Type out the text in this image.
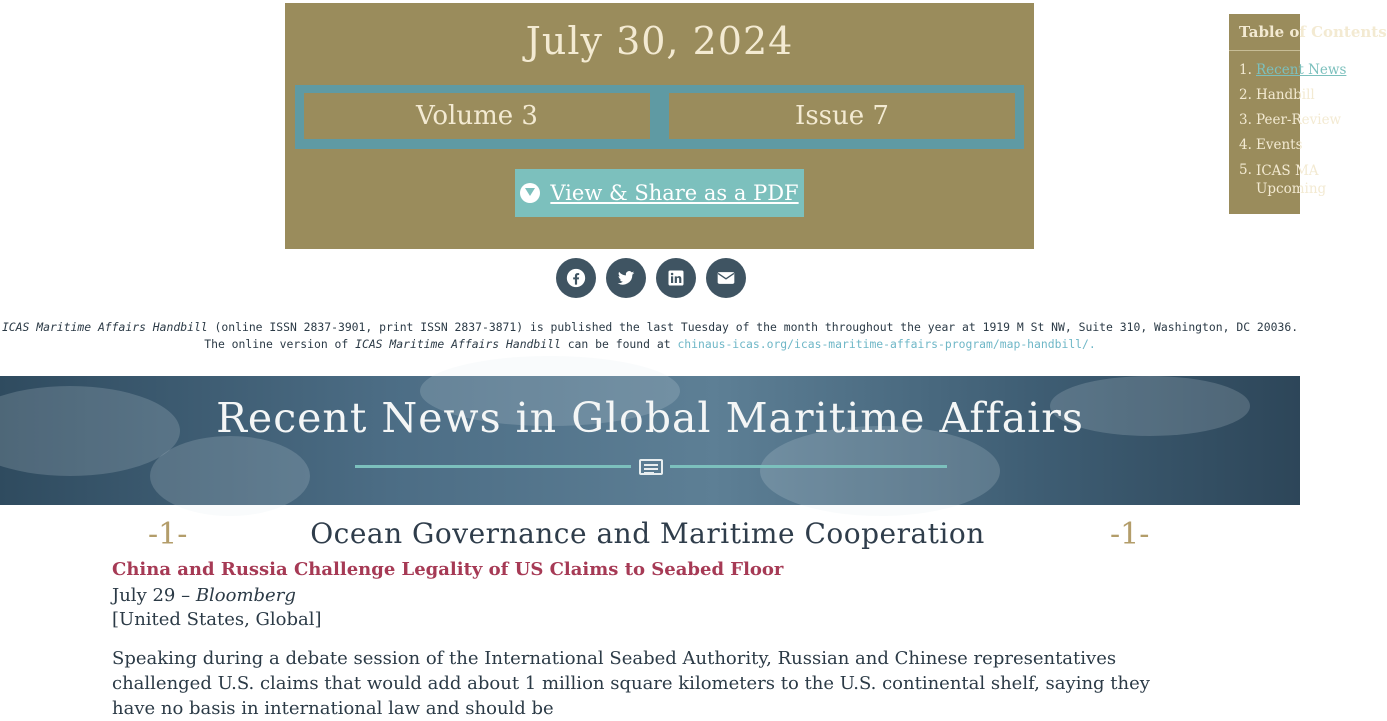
July 30, 2024
Volume 3	Issue 7
View & Share as a PDF
ICAS Maritime Affairs Handbill (online ISSN 2837-3901, print ISSN 2837-3871) is published the last Tuesday of the month throughout the year at 1919 M St NW, Suite 310, Washington, DC 20036.
The online version of ICAS Maritime Affairs Handbill can be found at chinaus-icas.org/icas-maritime-affairs-program/map-handbill/.
Recent News in Global Maritime Affairs
-1-	Ocean Governance and Maritime Cooperation	-1-
China and Russia Challenge Legality of US Claims to Seabed Floor
July 29 – Bloomberg
[United States, Global]
Speaking during a debate session of the International Seabed Authority, Russian and Chinese representatives challenged U.S. claims that would add about 1 million square kilometers to the U.S. continental shelf, saying they have no basis in international law and should be
Table of Contents
1. Recent News
2. Handbill
3. Peer-Review
4. Events
5. ICAS MA
Upcoming
